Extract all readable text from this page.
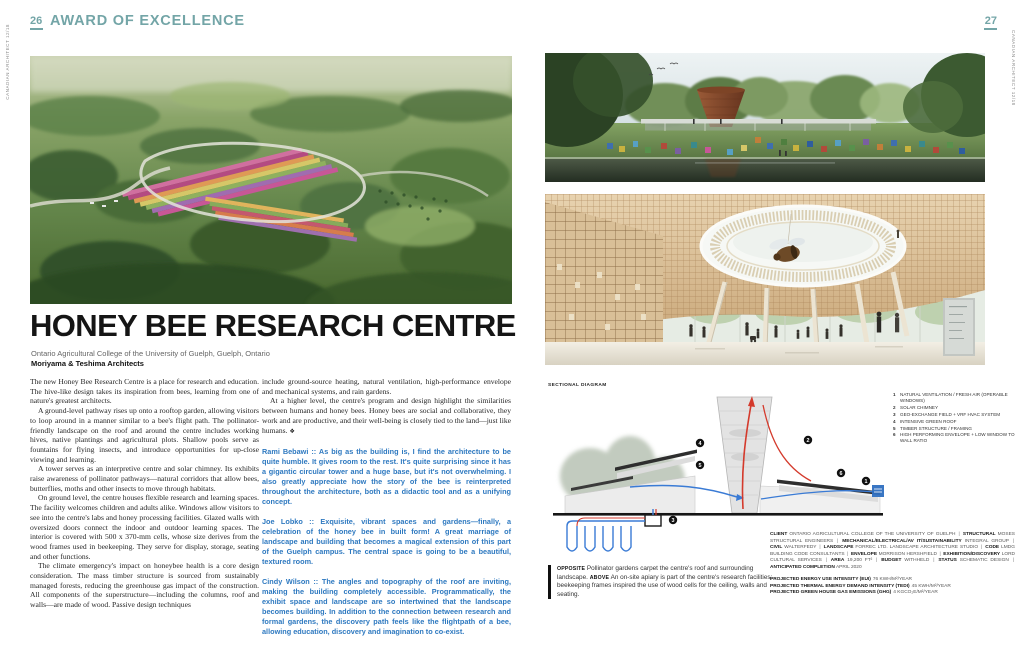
CANADIAN ARCHITECT 12/18	CANADIAN ARCHITECT 12/18
26 AWARD OF EXCELLENCE	27
HONEY BEE RESEARCH CENTRE
Ontario Agricultural College of the University of Guelph, Guelph, Ontario
Moriyama & Teshima Architects

The new Honey Bee Research Centre is a place for research and education. The hive-like design takes its inspiration from bees, learning from one of nature's greatest architects.

A ground-level pathway rises up onto a rooftop garden, allowing visitors to loop around in a manner similar to a bee's flight path. The pollinator-friendly landscape on the roof and around the centre includes working hives, native plantings and agricultural plots. Shallow pools serve as fountains for flying insects, and introduce opportunities for up-close viewing and learning.

A tower serves as an interpretive centre and solar chimney. Its exhibits raise awareness of pollinator pathways—natural corridors that allow bees, butterflies, moths and other insects to move through habitats.

On ground level, the centre houses flexible research and learning spaces. The facility welcomes children and adults alike. Windows allow visitors to see into the centre's labs and honey processing facilities. Glazed walls with oversized doors connect the indoor and outdoor learning spaces. The interior is covered with 500 x 370-mm cells, whose size derives from the wood frames used in beekeeping. They serve for display, storage, seating and other functions.

The climate emergency's impact on honeybee health is a core design consideration. The mass timber structure is sourced from sustainably managed forests, reducing the greenhouse gas impact of the construction. All components of the superstructure—including the columns, roof and walls—are made of wood. Passive design techniques

include ground-source heating, natural ventilation, high-performance envelope and mechanical systems, and rain gardens.

At a higher level, the centre's program and design highlight the similarities between humans and honey bees. Honey bees are social and collaborative, they work and are productive, and their well-being is closely tied to the land—just like humans. ❖

Rami Bebawi :: As big as the building is, I find the architecture to be quite humble. It gives room to the rest. It's quite surprising since it has a gigantic circular tower and a huge base, but it's not overwhelming. I also greatly appreciate how the story of the bee is reinterpreted throughout the architecture, both as a didactic tool and as a unifying concept.

Joe Lobko :: Exquisite, vibrant spaces and gardens—finally, a celebration of the honey bee in built form! A great marriage of landscape and building that becomes a magical extension of this part of the Guelph campus. The central space is going to be a beautiful, textured room.

Cindy Wilson :: The angles and topography of the roof are inviting, making the building completely accessible. Programmatically, the exhibit space and landscape are so intertwined that the landscape becomes building. In addition to the connection between research and formal gardens, the discovery path feels like the flightpath of a bee, allowing education, discovery and imagination to co-exist.

SECTIONAL DIAGRAM
1
2
3
4
5
6
1 NATURAL VENTILATION / FRESH AIR (OPERABLE WINDOWS)
2 SOLAR CHIMNEY
3 GEO-EXCHANGE FIELD + VRF HVAC SYSTEM
4 INTENSIVE GREEN ROOF
5 TIMBER STRUCTURE / FRAMING
6 HIGH PERFORMING ENVELOPE + LOW WINDOW TO WALL RATIO
OPPOSITE Pollinator gardens carpet the centre's roof and surrounding landscape. ABOVE An on-site apiary is part of the centre's research facilities; beekeeping frames inspired the use of wood cells for the ceiling, walls and seating.
CLIENT ONTARIO AGRICULTURAL COLLEGE OF THE UNIVERSITY OF GUELPH | STRUCTURAL MOSES STRUCTURAL ENGINEERS | MECHANICAL/ELECTRICAL/AV IT/SUSTAINABILITY INTEGRAL GROUP | CIVIL WALTERFEDY | LANDSCAPE FORREC LTD. LANDSCAPE ARCHITECTURE STUDIO | CODE LMDG BUILDING CODE CONSULTANTS | ENVELOPE MORRISON HERSHFIELD | EXHIBITION/DISCOVERY LORD CULTURAL SERVICES | AREA 19,200 FT² | BUDGET WITHHELD | STATUS SCHEMATIC DESIGN | ANTICIPATED COMPLETION APRIL 2020
PROJECTED ENERGY USE INTENSITY (EUI) 76 KWH/M²/YEAR
PROJECTED THERMAL ENERGY DEMAND INTENSITY (TEDI) 45 KWH/M²/YEAR
PROJECTED GREEN HOUSE GAS EMISSIONS (GHG) 4 KGCO₂E/M²/YEAR
